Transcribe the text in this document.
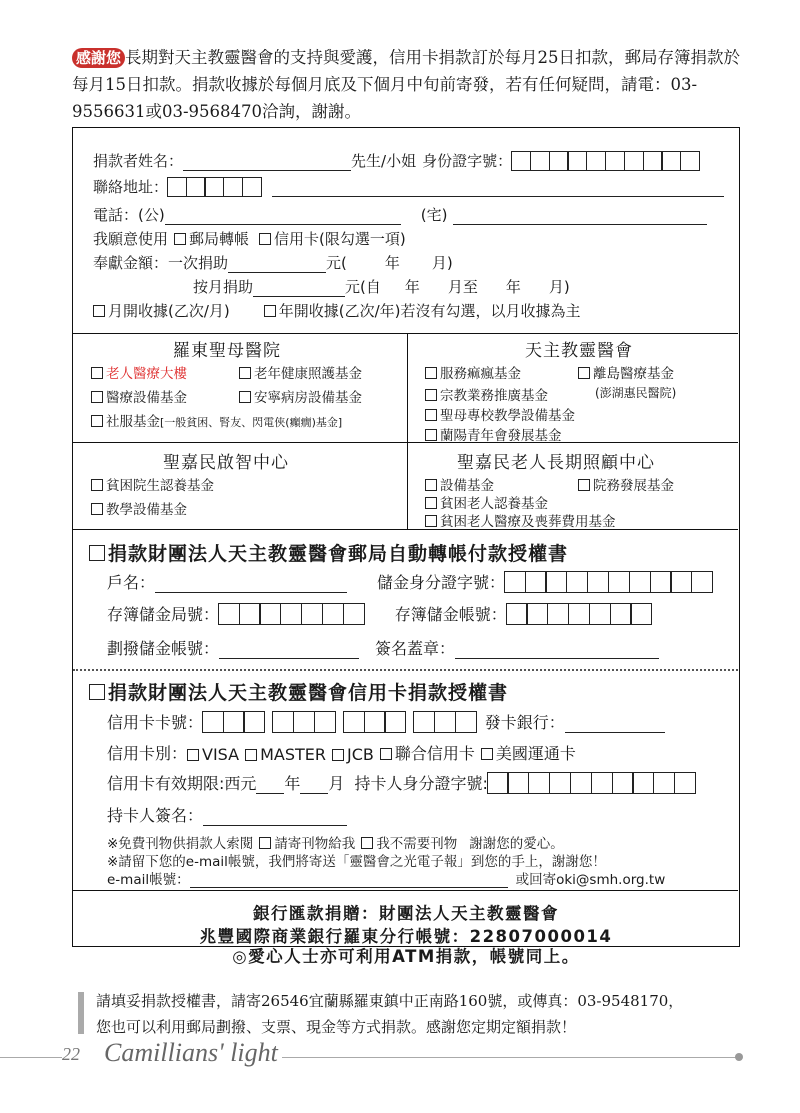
感謝您 長期對天主教靈醫會的支持與愛護，信用卡捐款訂於每月25日扣款，郵局存簿捐款於每月15日扣款。捐款收據於每個月底及下個月中旬前寄發，若有任何疑問，請電：03-9556631或03-9568470洽詢，謝謝。
捐款者姓名：	先生/小姐 身份證字號：
聯絡地址：
電話：(公)	(宅)
我願意使用	郵局轉帳	信用卡(限勾選一項)
奉獻金額：一次捐助	元(	年 月)
按月捐助	元(自 年 月至 年 月)
月開收據(乙次/月)	年開收據(乙次/年)若沒有勾選，以月收據為主
羅東聖母醫院
老人醫療大樓	老年健康照護基金
醫療設備基金	安寧病房設備基金
社服基金[一般貧困、腎友、閃電俠(癲癇)基金]
天主教靈醫會
服務痲瘋基金	離島醫療基金
宗教業務推廣基金	(澎湖惠民醫院)
聖母專校教學設備基金
蘭陽青年會發展基金
聖嘉民啟智中心
貧困院生認養基金
教學設備基金
聖嘉民老人長期照顧中心
設備基金	院務發展基金
貧困老人認養基金
貧困老人醫療及喪葬費用基金
捐款財團法人天主教靈醫會郵局自動轉帳付款授權書
戶名：	儲金身分證字號：
存簿儲金局號：	存簿儲金帳號：
劃撥儲金帳號：	簽名蓋章：
捐款財團法人天主教靈醫會信用卡捐款授權書
信用卡卡號：	發卡銀行：
信用卡別： VISA	MASTER	JCB	聯合信用卡	美國運通卡
信用卡有效期限:西元 年 月 持卡人身分證字號:
持卡人簽名：
※免費刊物供捐款人索閱	請寄刊物給我	我不需要刊物 謝謝您的愛心。
※請留下您的e-mail帳號，我們將寄送「靈醫會之光電子報」到您的手上，謝謝您！
e-mail帳號：	或回寄oki@smh.org.tw
銀行匯款捐贈：財團法人天主教靈醫會
兆豐國際商業銀行羅東分行帳號：22807000014
◎愛心人士亦可利用ATM捐款，帳號同上。
請填妥捐款授權書，請寄26546宜蘭縣羅東鎮中正南路160號，或傳真：03-9548170，
您也可以利用郵局劃撥、支票、現金等方式捐款。感謝您定期定額捐款！
22 Camillians' light
